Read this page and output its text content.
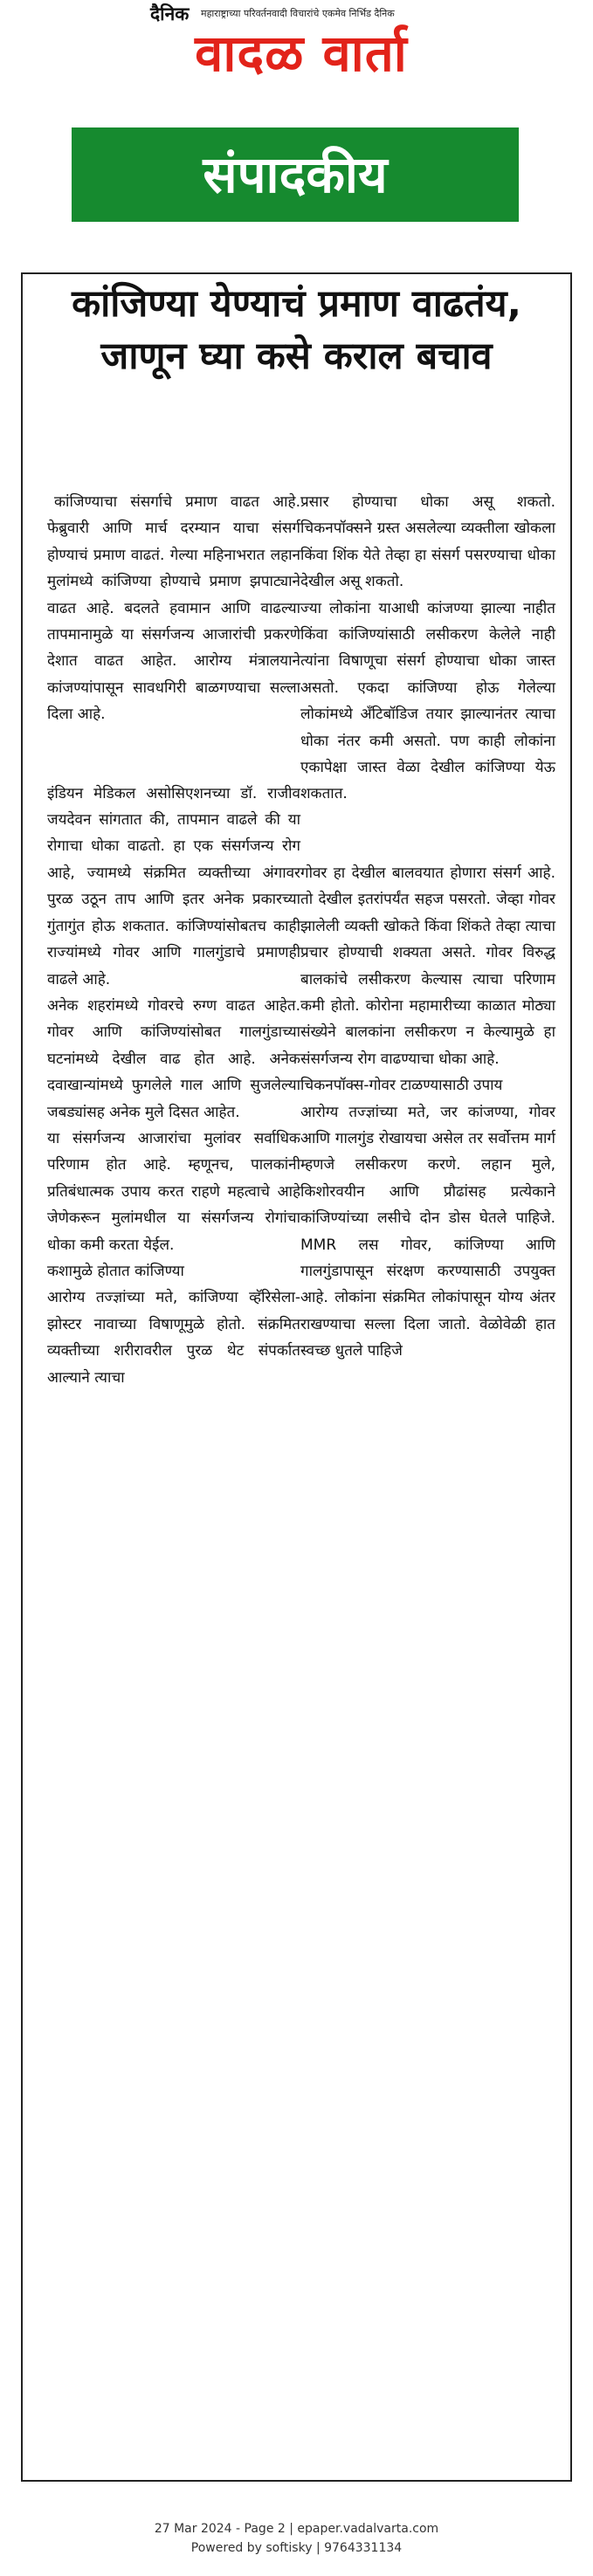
दैनिक महाराष्ट्राच्या परिवर्तनवादी विचारांचे एकमेव निर्भिड दैनिक
वादळ वार्ता
संपादकीय
कांजिण्या येण्याचं प्रमाण वाढतंय, जाणून घ्या कसे कराल बचाव

कांजिण्याचा संसर्गाचे प्रमाण वाढत आहे. फेब्रुवारी आणि मार्च दरम्यान याचा संसर्ग होण्याचं प्रमाण वाढतं. गेल्या महिनाभरात लहान मुलांमध्ये कांजिण्या होण्याचे प्रमाण झपाट्याने वाढत आहे. बदलते हवामान आणि वाढल्या तापमानामुळे या संसर्गजन्य आजारांची प्रकरणे देशात वाढत आहेत. आरोग्य मंत्रालयाने कांजण्यांपासून सावधगिरी बाळगण्याचा सल्ला दिला आहे.

इंडियन मेडिकल असोसिएशनच्या डॉ. राजीव जयदेवन सांगतात की, तापमान वाढले की या रोगाचा धोका वाढतो. हा एक संसर्गजन्य रोग आहे, ज्यामध्ये संक्रमित व्यक्तीच्या अंगावर पुरळ उठून ताप आणि इतर अनेक प्रकारच्या गुंतागुंत होऊ शकतात. कांजिण्यांसोबतच काही राज्यांमध्ये गोवर आणि गालगुंडाचे प्रमाणही वाढले आहे.

अनेक शहरांमध्ये गोवरचे रुग्ण वाढत आहेत. गोवर आणि कांजिण्यांसोबत गालगुंडाच्या घटनांमध्ये देखील वाढ होत आहे. अनेक दवाखान्यांमध्ये फुगलेले गाल आणि सुजलेल्या जबड्यांसह अनेक मुले दिसत आहेत.

या संसर्गजन्य आजारांचा मुलांवर सर्वाधिक परिणाम होत आहे. म्हणूनच, पालकांनी प्रतिबंधात्मक उपाय करत राहणे महत्वाचे आहे जेणेकरून मुलांमधील या संसर्गजन्य रोगांचा धोका कमी करता येईल.

कशामुळे होतात कांजिण्या

आरोग्य तज्ज्ञांच्या मते, कांजिण्या व्हॅरिसेला-झोस्टर नावाच्या विषाणूमुळे होतो. संक्रमित व्यक्तीच्या शरीरावरील पुरळ थेट संपर्कात आल्याने त्याचा

प्रसार होण्याचा धोका असू शकतो. चिकनपॉक्सने ग्रस्त असलेल्या व्यक्तीला खोकला किंवा शिंक येते तेव्हा हा संसर्ग पसरण्याचा धोका देखील असू शकतो.

ज्या लोकांना याआधी कांजण्या झाल्या नाहीत किंवा कांजिण्यांसाठी लसीकरण केलेले नाही त्यांना विषाणूचा संसर्ग होण्याचा धोका जास्त असतो. एकदा कांजिण्या होऊ गेलेल्या लोकांमध्ये अँटिबॉडिज तयार झाल्यानंतर त्याचा धोका नंतर कमी असतो. पण काही लोकांना एकापेक्षा जास्त वेळा देखील कांजिण्या येऊ शकतात.

गोवर हा देखील बालवयात होणारा संसर्ग आहे. तो देखील इतरांपर्यंत सहज पसरतो. जेव्हा गोवर झालेली व्यक्ती खोकते किंवा शिंकते तेव्हा त्याचा प्रचार होण्याची शक्यता असते. गोवर विरुद्ध बालकांचे लसीकरण केल्यास त्याचा परिणाम कमी होतो. कोरोना महामारीच्या काळात मोठ्या संख्येने बालकांना लसीकरण न केल्यामुळे हा संसर्गजन्य रोग वाढण्याचा धोका आहे.

चिकनपॉक्स-गोवर टाळण्यासाठी उपाय

आरोग्य तज्ज्ञांच्या मते, जर कांजण्या, गोवर आणि गालगुंड रोखायचा असेल तर सर्वोत्तम मार्ग म्हणजे लसीकरण करणे. लहान मुले, किशोरवयीन आणि प्रौढांसह प्रत्येकाने कांजिण्यांच्या लसीचे दोन डोस घेतले पाहिजे. MMR लस गोवर, कांजिण्या आणि गालगुंडापासून संरक्षण करण्यासाठी उपयुक्त आहे. लोकांना संक्रमित लोकांपासून योग्य अंतर राखण्याचा सल्ला दिला जातो. वेळोवेळी हात स्वच्छ धुतले पाहिजे

27 Mar 2024 - Page 2 | epaper.vadalvarta.com
Powered by softisky | 9764331134
